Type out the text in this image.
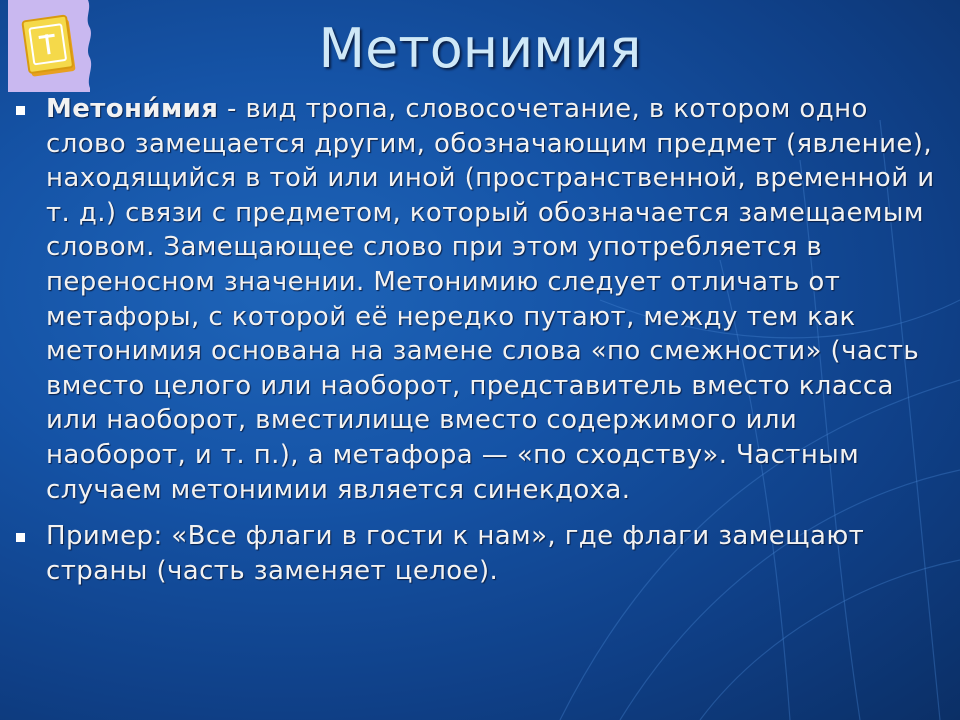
Метонимия
Метони́мия - вид тропа, словосочетание, в котором одно слово замещается другим, обозначающим предмет (явление), находящийся в той или иной (пространственной, временной и т. д.) связи с предметом, который обозначается замещаемым словом. Замещающее слово при этом употребляется в переносном значении. Метонимию следует отличать от метафоры, с которой её нередко путают, между тем как метонимия основана на замене слова «по смежности» (часть вместо целого или наоборот, представитель вместо класса или наоборот, вместилище вместо содержимого или наоборот, и т. п.), а метафора — «по сходству». Частным случаем метонимии является синекдоха.
Пример: «Все флаги в гости к нам», где флаги замещают страны (часть заменяет целое).
